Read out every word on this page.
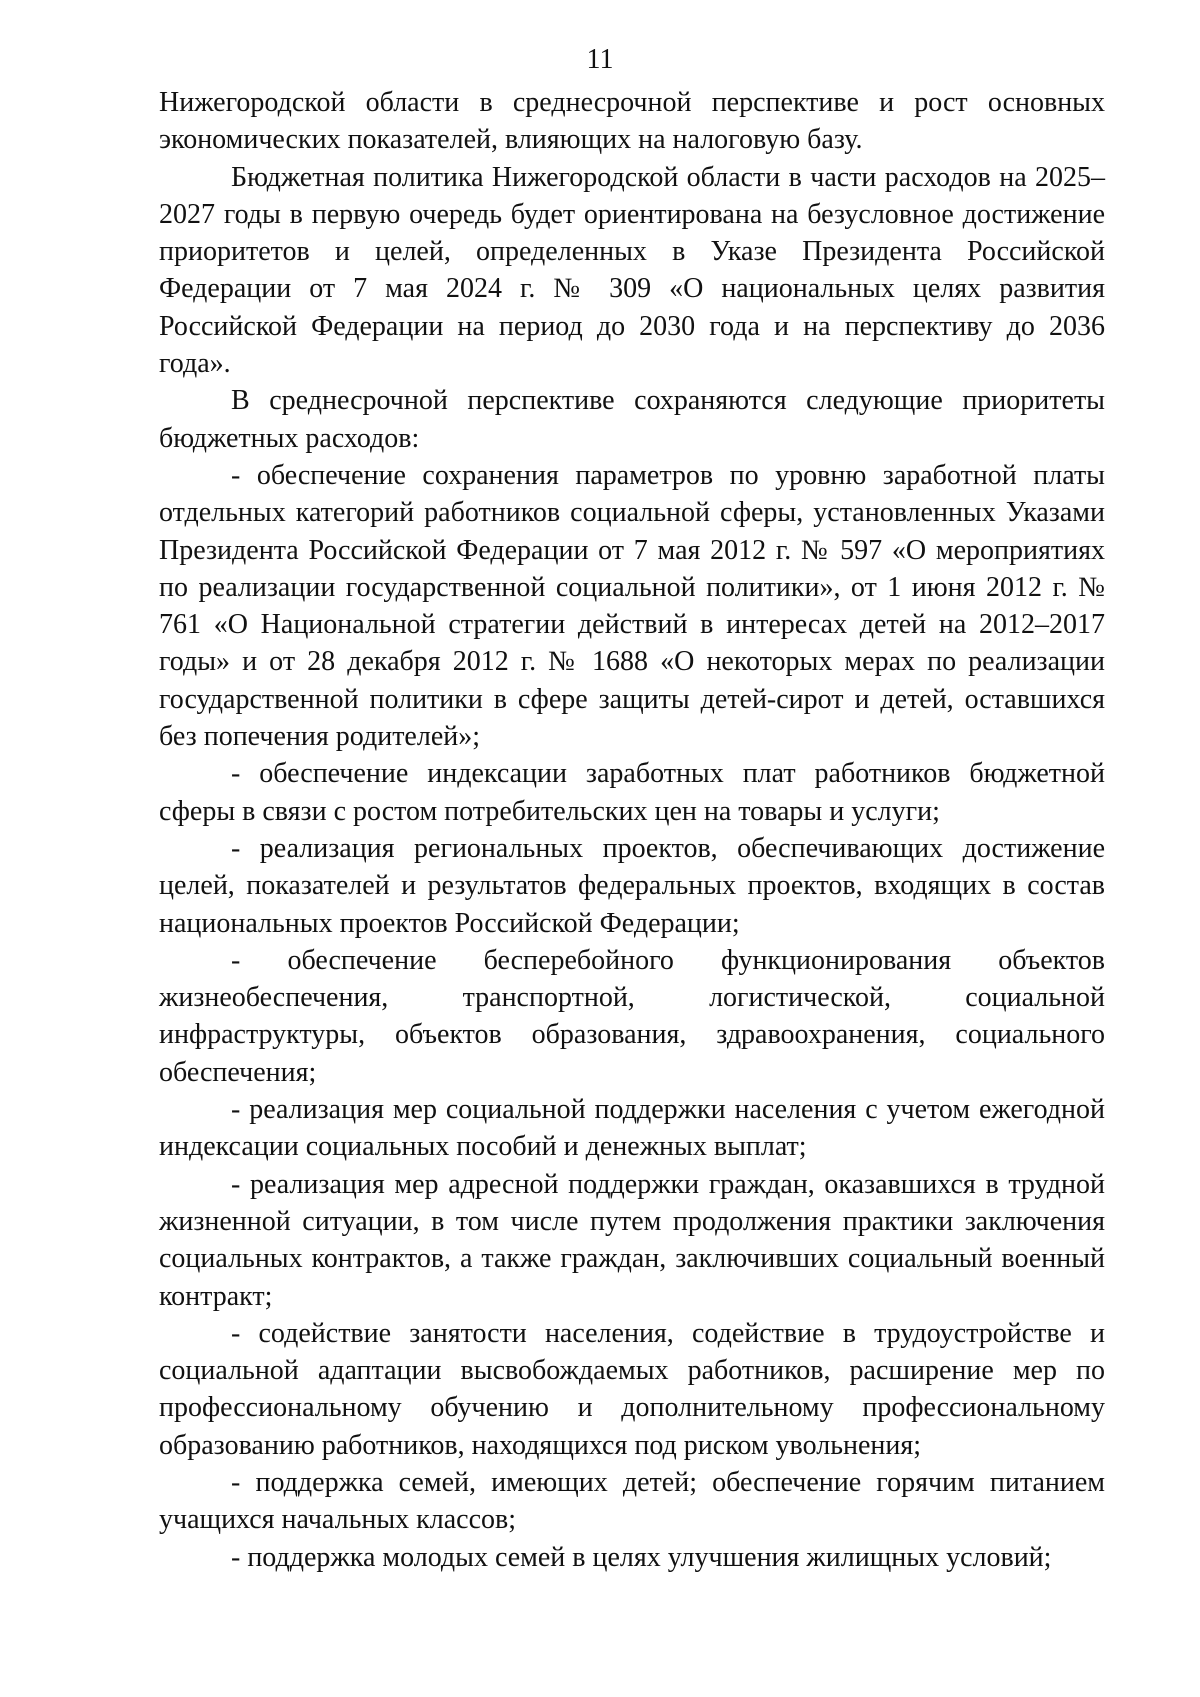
11

Нижегородской области в среднесрочной перспективе и рост основных экономических показателей, влияющих на налоговую базу.

Бюджетная политика Нижегородской области в части расходов на 2025–2027 годы в первую очередь будет ориентирована на безусловное достижение приоритетов и целей, определенных в Указе Президента Российской Федерации от 7 мая 2024 г. № 309 «О национальных целях развития Российской Федерации на период до 2030 года и на перспективу до 2036 года».

В среднесрочной перспективе сохраняются следующие приоритеты бюджетных расходов:

- обеспечение сохранения параметров по уровню заработной платы отдельных категорий работников социальной сферы, установленных Указами Президента Российской Федерации от 7 мая 2012 г. № 597 «О мероприятиях по реализации государственной социальной политики», от 1 июня 2012 г. № 761 «О Национальной стратегии действий в интересах детей на 2012–2017 годы» и от 28 декабря 2012 г. № 1688 «О некоторых мерах по реализации государственной политики в сфере защиты детей-сирот и детей, оставшихся без попечения родителей»;

- обеспечение индексации заработных плат работников бюджетной сферы в связи с ростом потребительских цен на товары и услуги;

- реализация региональных проектов, обеспечивающих достижение целей, показателей и результатов федеральных проектов, входящих в состав национальных проектов Российской Федерации;

- обеспечение бесперебойного функционирования объектов жизнеобеспечения, транспортной, логистической, социальной инфраструктуры, объектов образования, здравоохранения, социального обеспечения;

- реализация мер социальной поддержки населения с учетом ежегодной индексации социальных пособий и денежных выплат;

- реализация мер адресной поддержки граждан, оказавшихся в трудной жизненной ситуации, в том числе путем продолжения практики заключения социальных контрактов, а также граждан, заключивших социальный военный контракт;

- содействие занятости населения, содействие в трудоустройстве и социальной адаптации высвобождаемых работников, расширение мер по профессиональному обучению и дополнительному профессиональному образованию работников, находящихся под риском увольнения;

- поддержка семей, имеющих детей; обеспечение горячим питанием учащихся начальных классов;

- поддержка молодых семей в целях улучшения жилищных условий;
